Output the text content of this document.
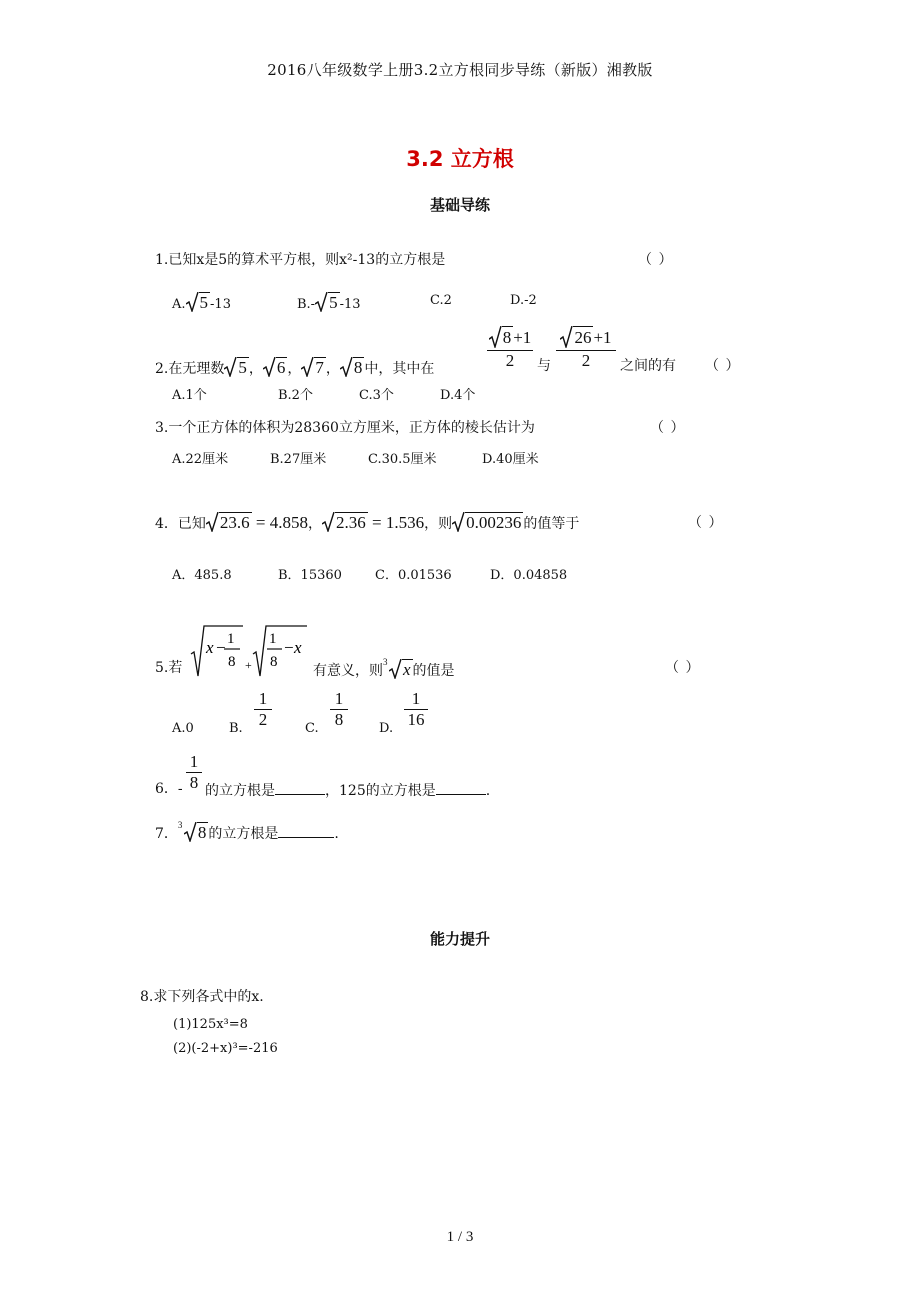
2016八年级数学上册3.2立方根同步导练（新版）湘教版
3.2 立方根
基础导练
1.已知x是5的算术平方根，则x²-13的立方根是	（ ）
A. 5 -13	B.- 5 -13	C.2	D.-2
2.在无理数 5 ， 6 ， 7 ， 8 中，其中在
8 +1
2	与
26 +1
2	之间的有 （ ）
A.1个	B.2个	C.3个	D.4个
3.一个正方体的体积为28360立方厘米，正方体的棱长估计为	（ ）
A.22厘米	B.27厘米	C.30.5厘米	D.40厘米
4．已知 23.6 = 4.858， 2.36 = 1.536，则 0.00236 的值等于	（ ）
A．485.8	B．15360	C．0.01536	D．0.04858
5.若
x − 1
8 +
1
8
− x
有意义，则
3 x 的值是	（ ）
A.0	B.
1
2	C.
1
8	D.
1
16
6．-
1
8 的立方根是	，125的立方根是	.
7．
3 8 的立方根是	.
能力提升
8.求下列各式中的x.
(1)125x³=8
(2)(-2+x)³=-216
1 / 3
